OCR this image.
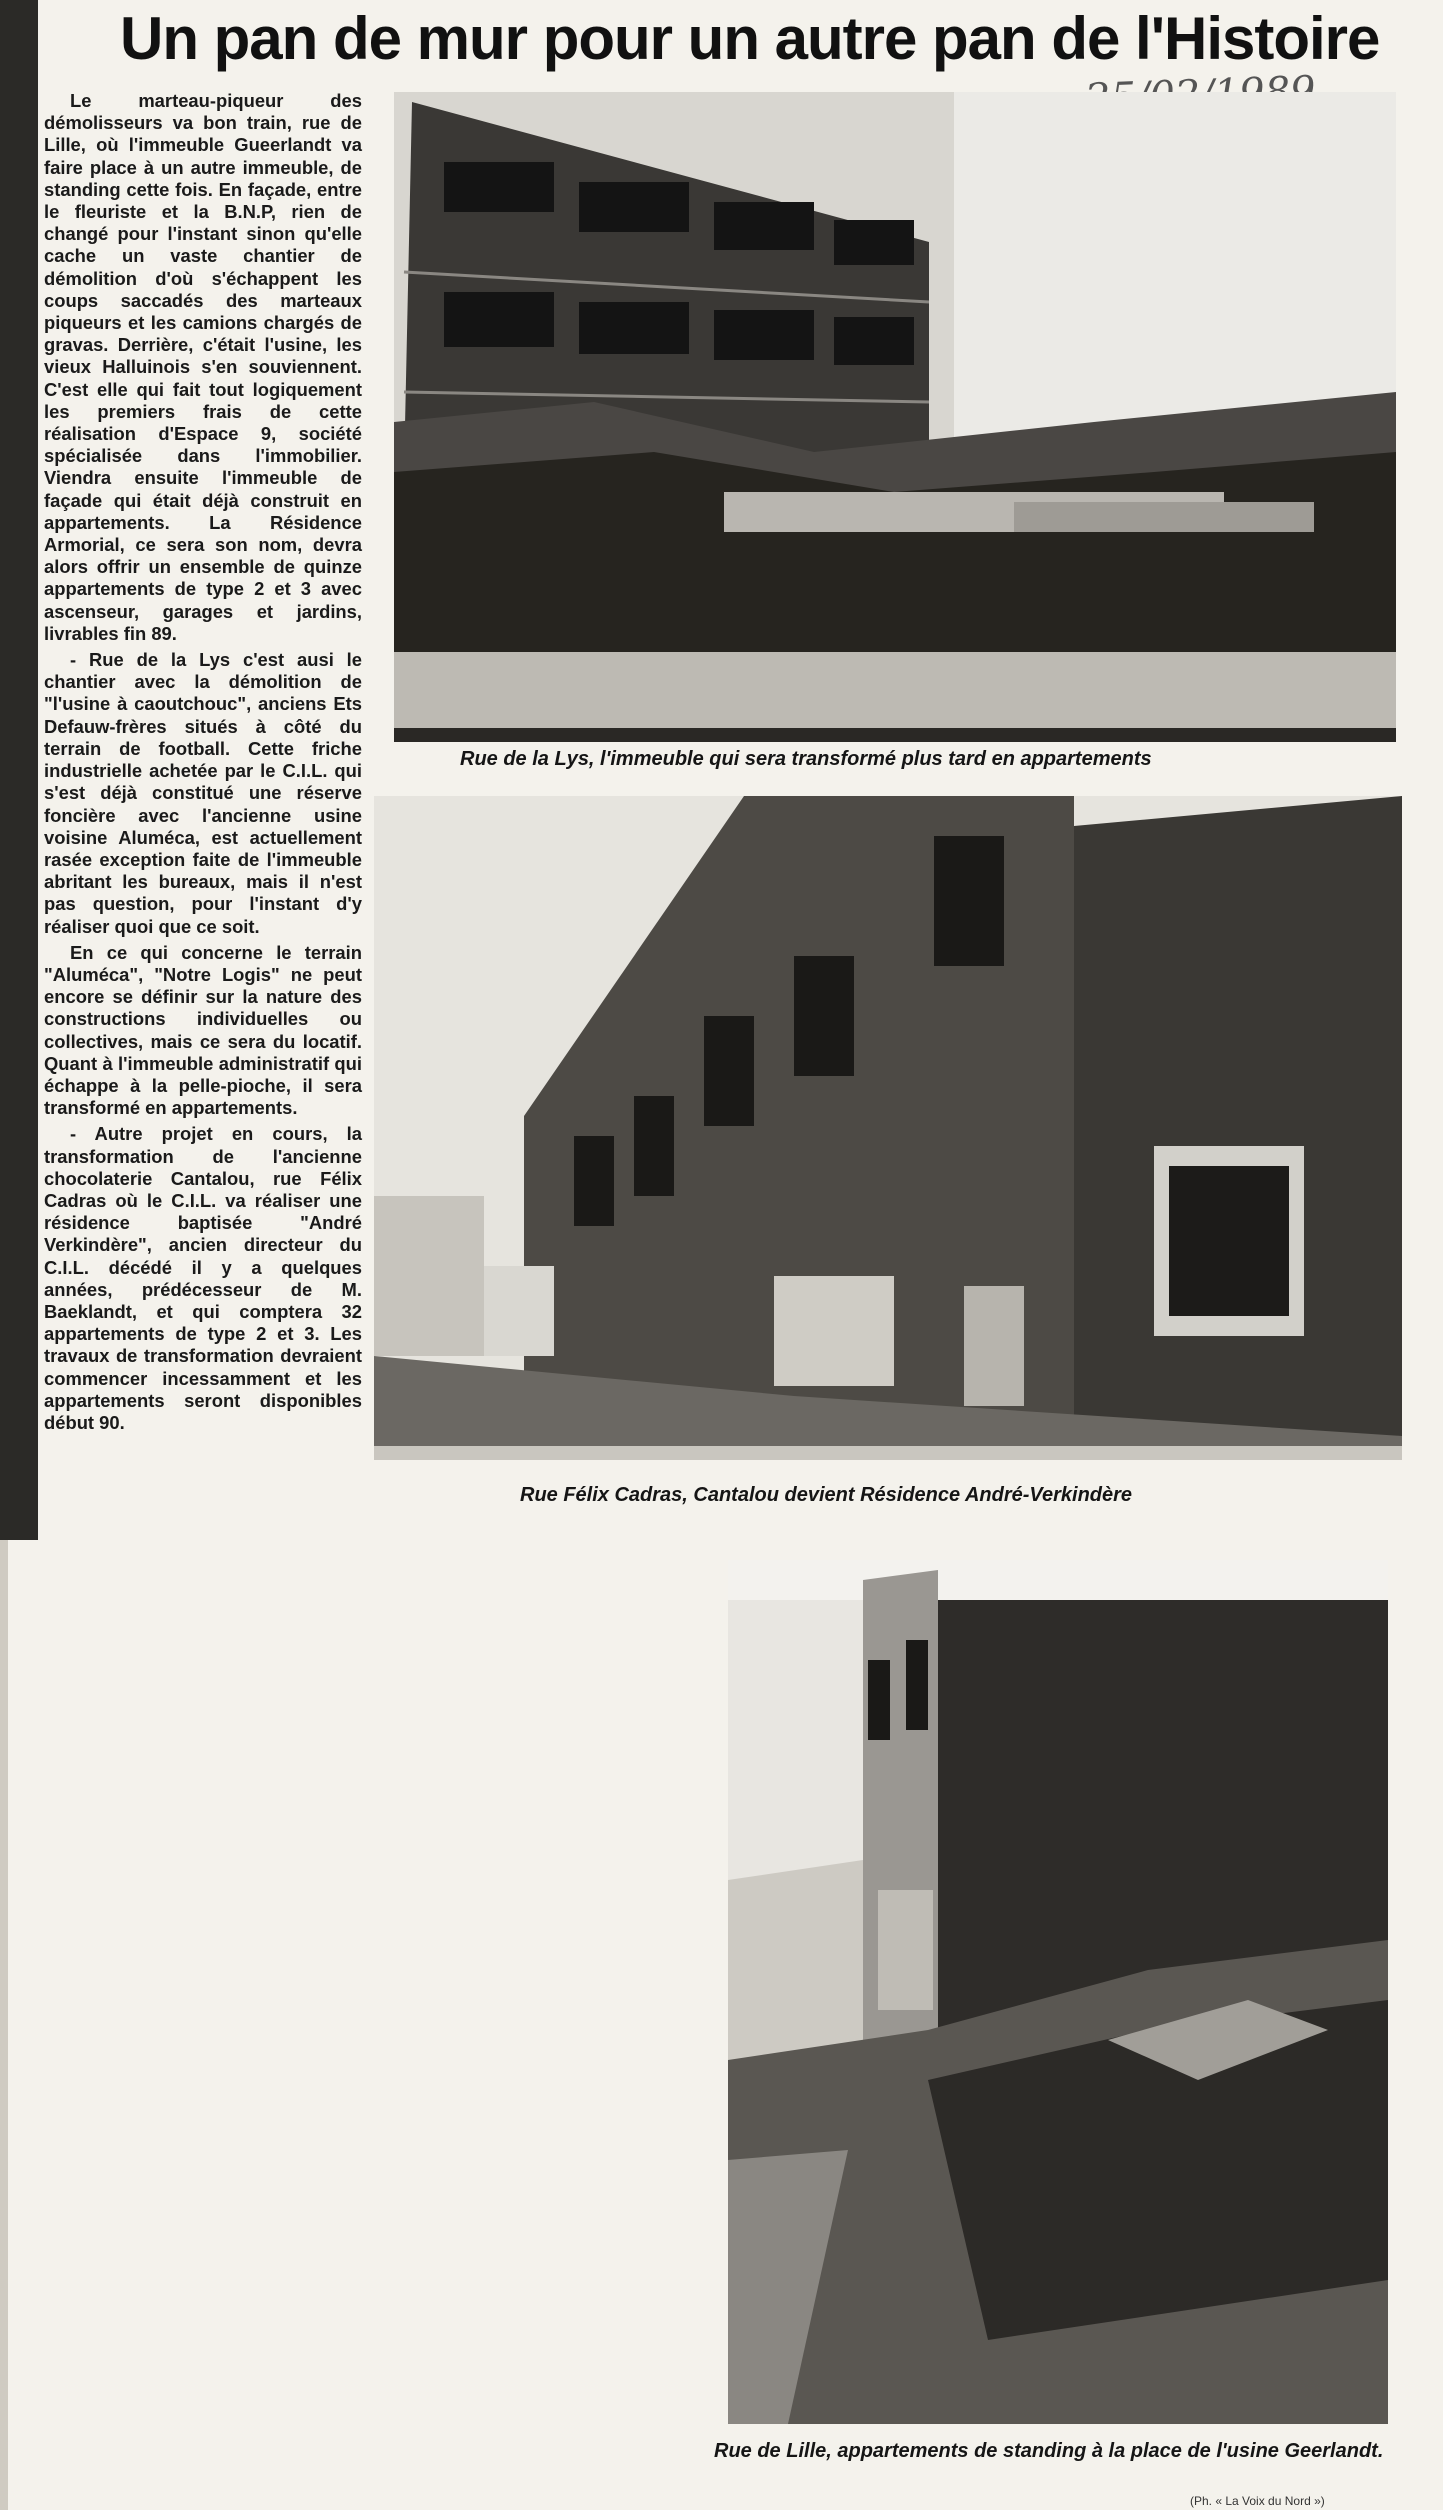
Un pan de mur pour un autre pan de l'Histoire

Le marteau-piqueur des démolisseurs va bon train, rue de Lille, où l'immeuble Gueerlandt va faire place à un autre immeuble, de standing cette fois. En façade, entre le fleuriste et la B.N.P, rien de changé pour l'instant sinon qu'elle cache un vaste chantier de démolition d'où s'échappent les coups saccadés des marteaux piqueurs et les camions chargés de gravas. Derrière, c'était l'usine, les vieux Halluinois s'en souviennent. C'est elle qui fait tout logiquement les premiers frais de cette réalisation d'Espace 9, société spécialisée dans l'immobilier. Viendra ensuite l'immeuble de façade qui était déjà construit en appartements. La Résidence Armorial, ce sera son nom, devra alors offrir un ensemble de quinze appartements de type 2 et 3 avec ascenseur, garages et jardins, livrables fin 89.

- Rue de la Lys c'est ausi le chantier avec la démolition de "l'usine à caoutchouc", anciens Ets Defauw-frères situés à côté du terrain de football. Cette friche industrielle achetée par le C.I.L. qui s'est déjà constitué une réserve foncière avec l'ancienne usine voisine Aluméca, est actuellement rasée exception faite de l'immeuble abritant les bureaux, mais il n'est pas question, pour l'instant d'y réaliser quoi que ce soit.

En ce qui concerne le terrain "Aluméca", "Notre Logis" ne peut encore se définir sur la nature des constructions individuelles ou collectives, mais ce sera du locatif. Quant à l'immeuble administratif qui échappe à la pelle-pioche, il sera transformé en appartements.

- Autre projet en cours, la transformation de l'ancienne chocolaterie Cantalou, rue Félix Cadras où le C.I.L. va réaliser une résidence baptisée "André Verkindère", ancien directeur du C.I.L. décédé il y a quelques années, prédécesseur de M. Baeklandt, et qui comptera 32 appartements de type 2 et 3. Les travaux de transformation devraient commencer incessamment et les appartements seront disponibles début 90.

Rue de la Lys, l'immeuble qui sera transformé plus tard en appartements
Rue Félix Cadras, Cantalou devient Résidence André-Verkindère
Rue de Lille, appartements de standing à la place de l'usine Geerlandt.
(Ph. « La Voix du Nord »)
